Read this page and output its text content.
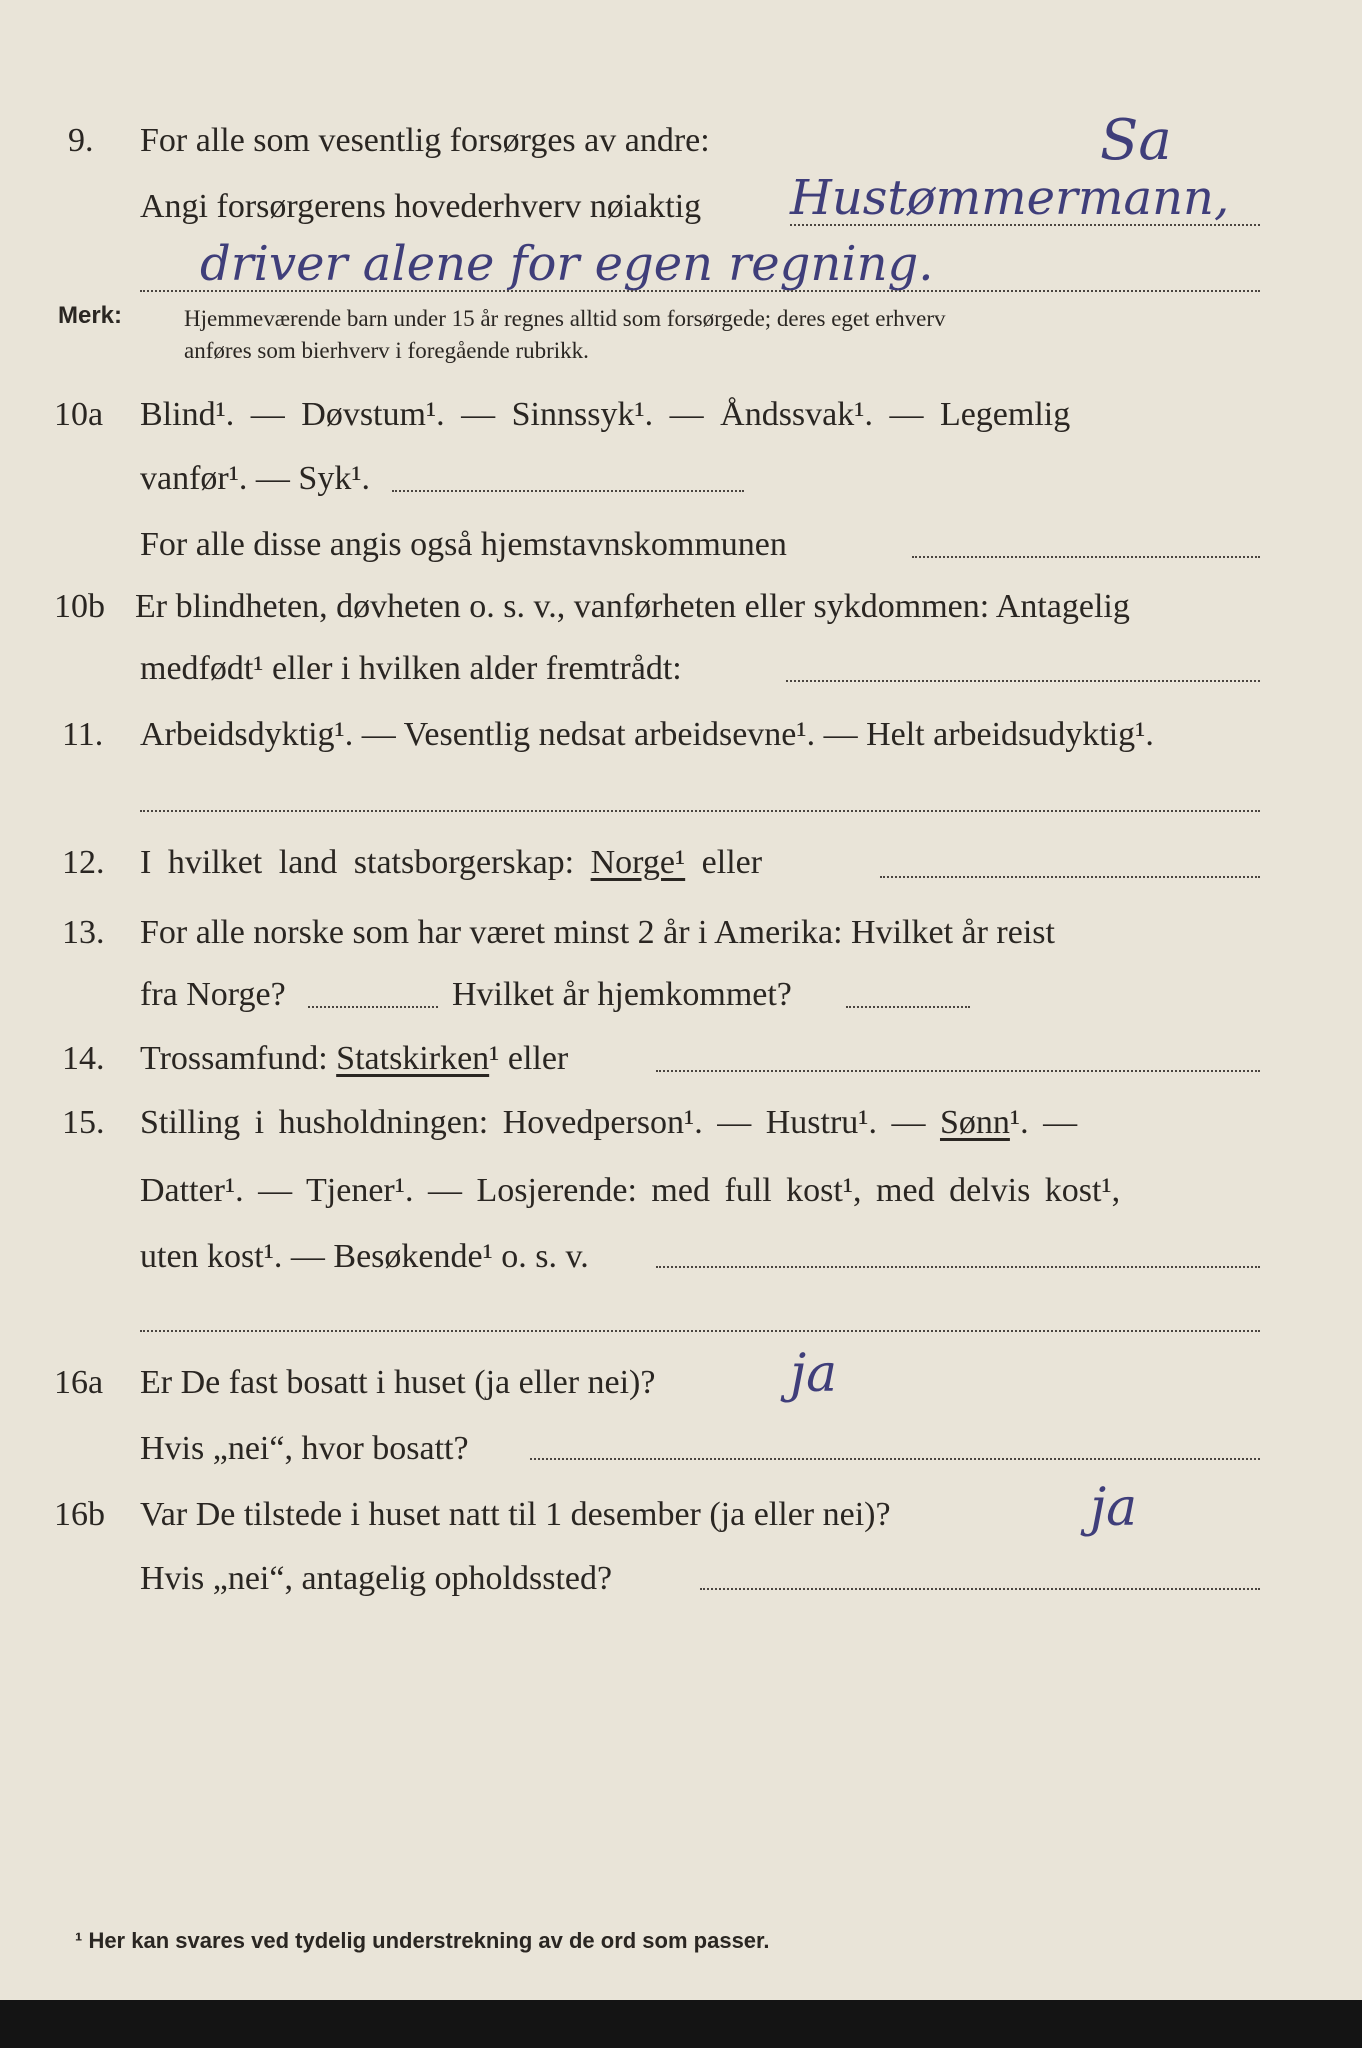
9. For alle som vesentlig forsørges av andre:	Sa
Angi forsørgerens hovederhverv nøiaktig Hustømmermann,
driver alene for egen regning.
Merk:	Hjemmeværende barn under 15 år regnes alltid som forsørgede; deres eget erhverv
anføres som bierhverv i foregående rubrikk.
10a Blind¹. — Døvstum¹. — Sinnssyk¹. — Åndssvak¹. — Legemlig
vanfør¹. — Syk¹.
For alle disse angis også hjemstavnskommunen
10b Er blindheten, døvheten o. s. v., vanførheten eller sykdommen: Antagelig
medfødt¹ eller i hvilken alder fremtrådt:
11. Arbeidsdyktig¹. — Vesentlig nedsat arbeidsevne¹. — Helt arbeidsudyktig¹.
12. I hvilket land statsborgerskap: Norge¹ eller
13. For alle norske som har været minst 2 år i Amerika: Hvilket år reist
fra Norge?	Hvilket år hjemkommet?
14. Trossamfund: Statskirken¹ eller
15. Stilling i husholdningen: Hovedperson¹. — Hustru¹. — Sønn¹. —
Datter¹. — Tjener¹. — Losjerende: med full kost¹, med delvis kost¹,
uten kost¹. — Besøkende¹ o. s. v.
16a Er De fast bosatt i huset (ja eller nei)?	ja
Hvis „nei“, hvor bosatt?
16b Var De tilstede i huset natt til 1 desember (ja eller nei)?	ja
Hvis „nei“, antagelig opholdssted?
¹ Her kan svares ved tydelig understrekning av de ord som passer.
